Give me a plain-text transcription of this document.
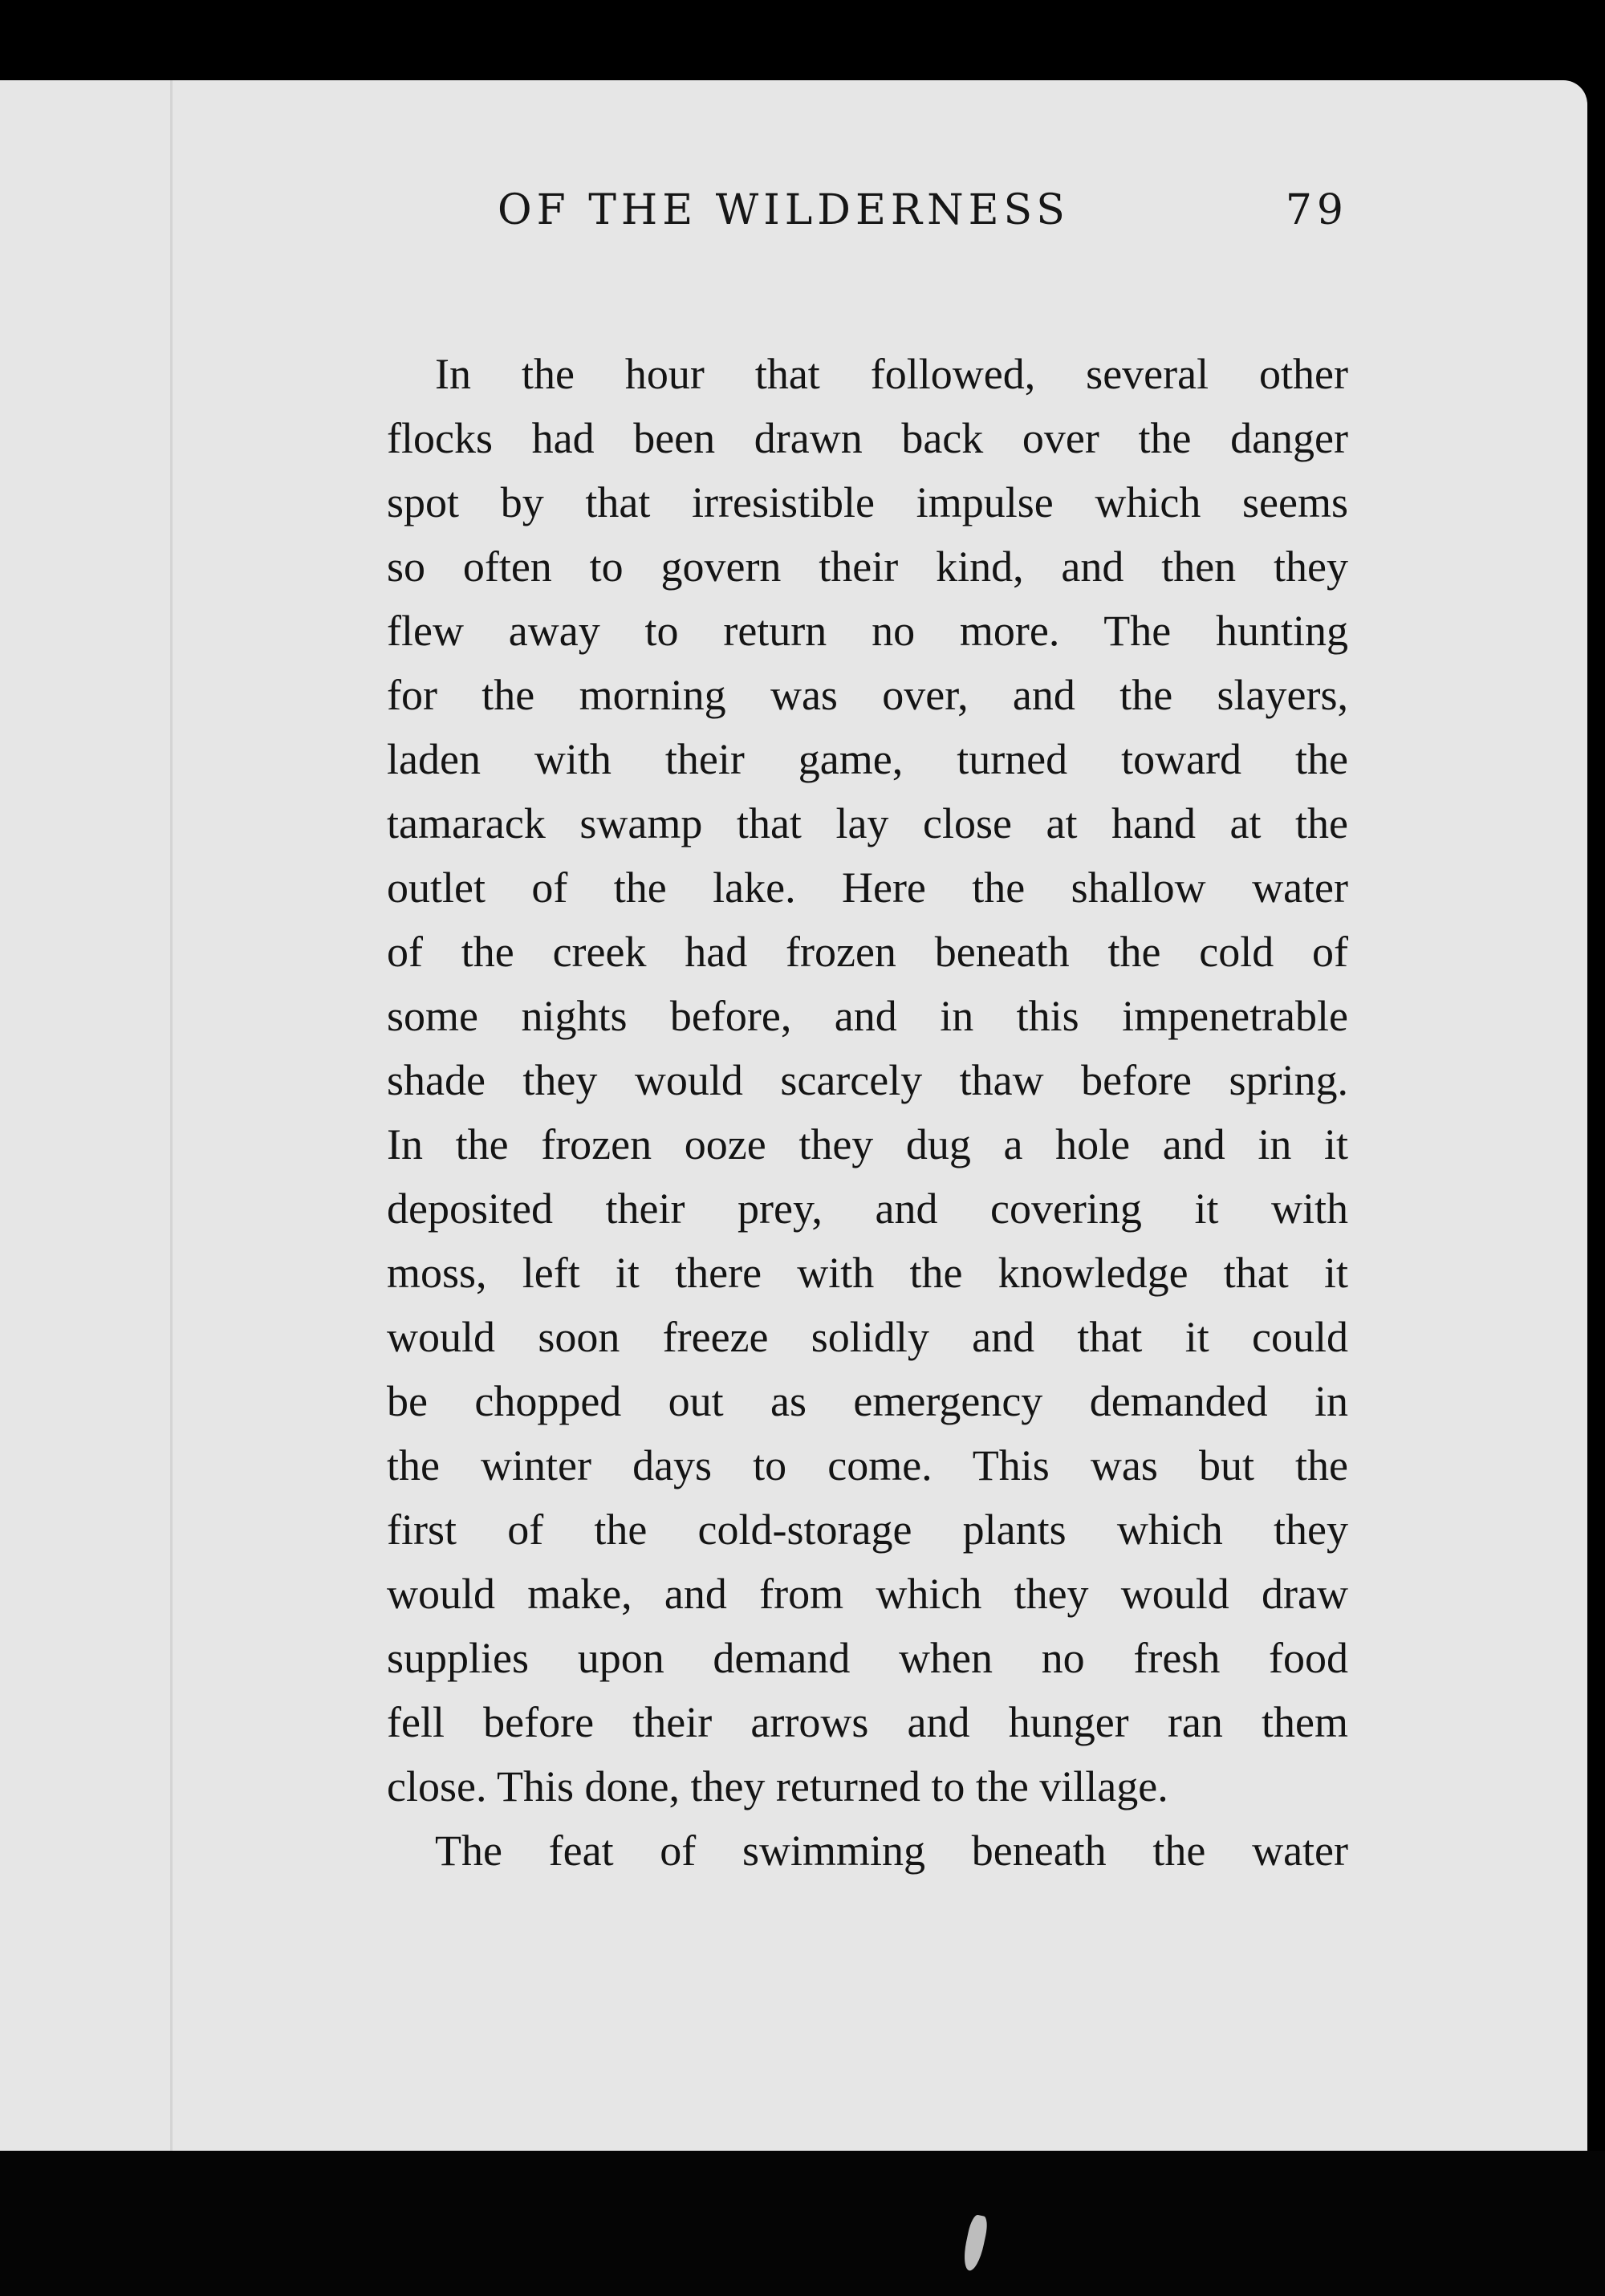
OF THE WILDERNESS	79
In the hour that followed, several other
flocks had been drawn back over the danger
spot by that irresistible impulse which seems
so often to govern their kind, and then they
flew away to return no more. The hunting
for the morning was over, and the slayers,
laden with their game, turned toward the
tamarack swamp that lay close at hand at the
outlet of the lake. Here the shallow water
of the creek had frozen beneath the cold of
some nights before, and in this impenetrable
shade they would scarcely thaw before spring.
In the frozen ooze they dug a hole and in it
deposited their prey, and covering it with
moss, left it there with the knowledge that it
would soon freeze solidly and that it could
be chopped out as emergency demanded in
the winter days to come. This was but the
first of the cold-storage plants which they
would make, and from which they would draw
supplies upon demand when no fresh food
fell before their arrows and hunger ran them
close. This done, they returned to the village.
The feat of swimming beneath the water
